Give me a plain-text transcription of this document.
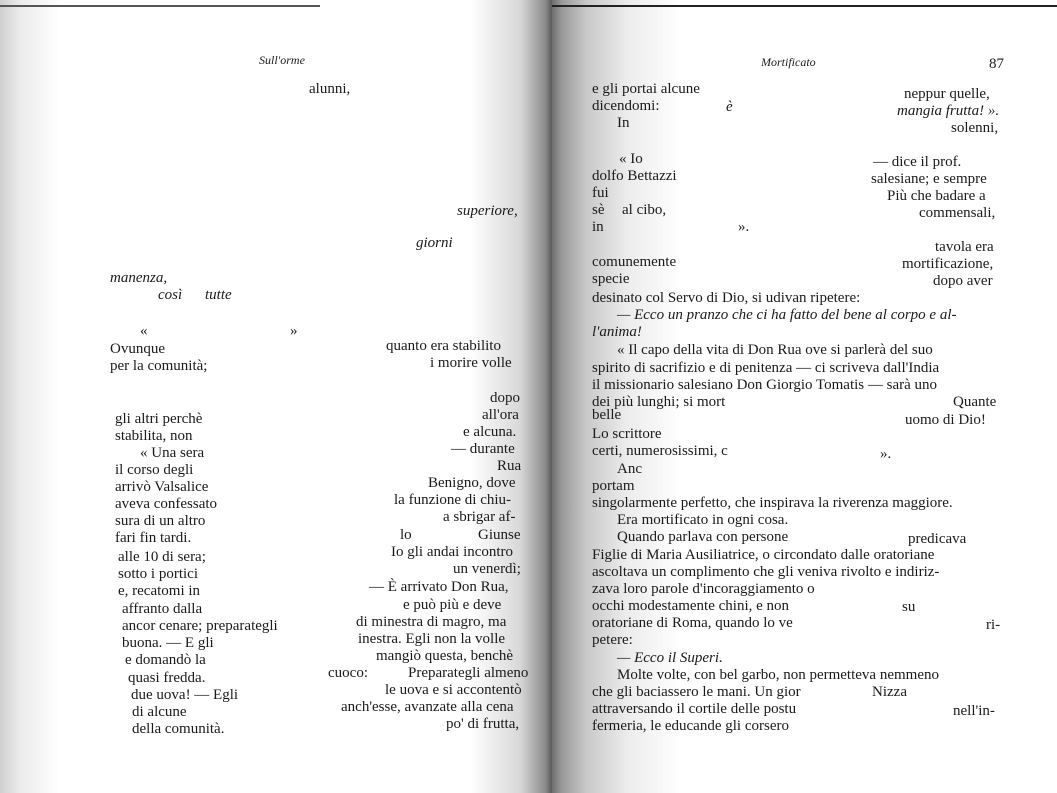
Sull'orme
alunni,
superiore,
giorni
manenza,
così tutte
«	»
Ovunque	quanto era stabilito
per la comunità;	i morire volle
dopo
all'ora
gli altri perchè
e alcuna.
stabilita, non
— durante
« Una sera
Rua
il corso degli
Benigno, dove
arrivò Valsalice
la funzione di chiu-
aveva confessato
a sbrigar af-
sura di un altro
lo	Giunse
fari fin tardi.
Io gli andai incontro
alle 10 di sera;
un venerdì;
sotto i portici
— È arrivato Don Rua,
e, recatomi in
e può più e deve
affranto dalla
di minestra di magro, ma
ancor cenare; preparategli
inestra. Egli non la volle
buona. — E gli
mangiò questa, benchè
e domandò la
cuoco:	Preparategli almeno
quasi fredda.
le uova e si accontentò
due uova! — Egli
anch'esse, avanzate alla cena
di alcune
po' di frutta,
della comunità.
Mortificato	87
e gli portai alcune	neppur quelle,
dicendomi:	è	mangia frutta! ».
In	solenni,
« Io	— dice il prof.
dolfo Bettazzi	salesiane; e sempre
fui	Più che badare a
sè al cibo,	commensali,
in	».
tavola era
comunemente	mortificazione,
specie	dopo aver
desinato col Servo di Dio, si udivan ripetere:
— Ecco un pranzo che ci ha fatto del bene al corpo e al-
l'anima!
« Il capo della vita di Don Rua ove si parlerà del suo
spirito di sacrifizio e di penitenza — ci scriveva dall'India
il missionario salesiano Don Giorgio Tomatis — sarà uno
dei più lunghi; si mort	Quante
belle	uomo di Dio!
Lo scrittore
certi, numerosissimi, c	».
Anc
portam
singolarmente perfetto, che inspirava la riverenza maggiore.
Era mortificato in ogni cosa.
Quando parlava con persone	predicava
Figlie di Maria Ausiliatrice, o circondato dalle oratoriane
ascoltava un complimento che gli veniva rivolto e indiriz-
zava loro parole d'incoraggiamento o
occhi modestamente chini, e non	su
oratoriane di Roma, quando lo ve	ri-
petere:
— Ecco il Superi.
Molte volte, con bel garbo, non permetteva nemmeno
che gli baciassero le mani. Un gior	Nizza
attraversando il cortile delle postu	nell'in-
fermeria, le educande gli corsero
